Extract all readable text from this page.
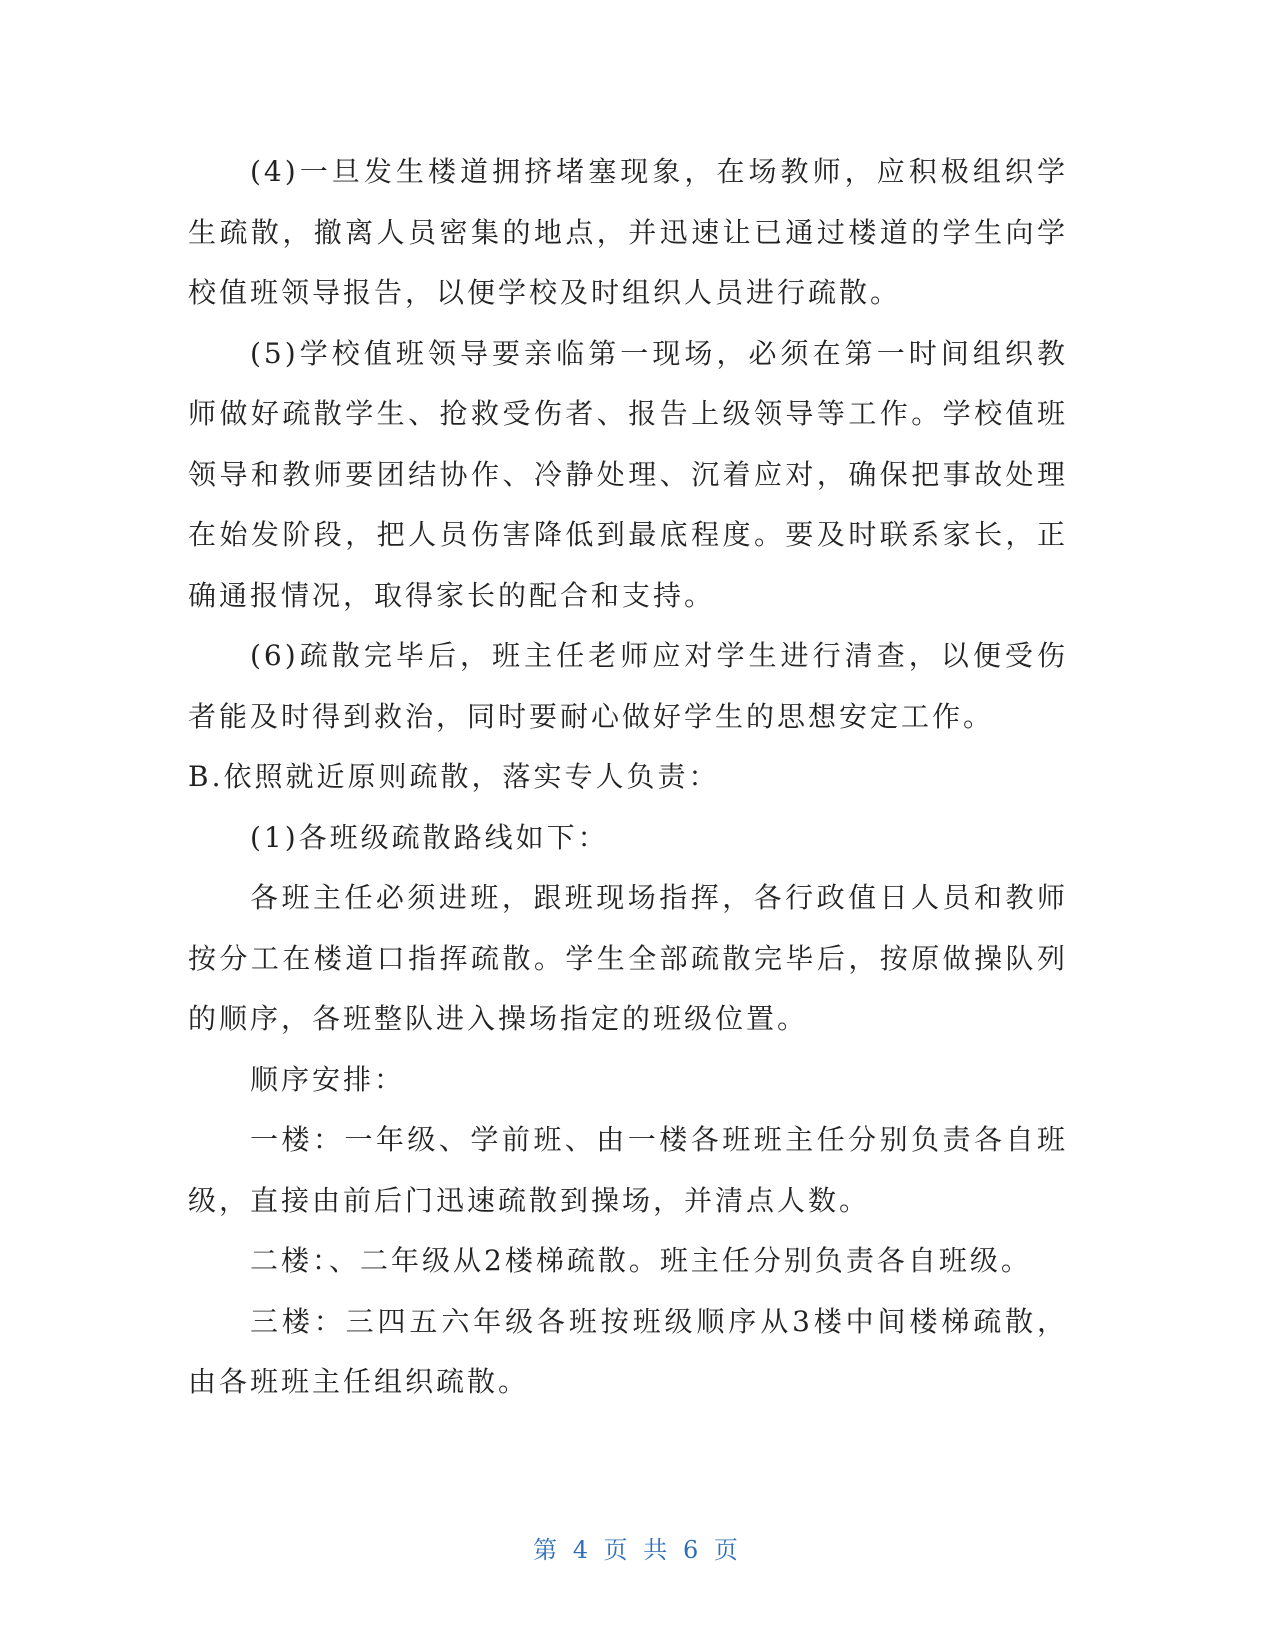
(4)一旦发生楼道拥挤堵塞现象，在场教师，应积极组织学生疏散，撤离人员密集的地点，并迅速让已通过楼道的学生向学校值班领导报告，以便学校及时组织人员进行疏散。

(5)学校值班领导要亲临第一现场，必须在第一时间组织教师做好疏散学生、抢救受伤者、报告上级领导等工作。学校值班领导和教师要团结协作、冷静处理、沉着应对，确保把事故处理在始发阶段，把人员伤害降低到最底程度。要及时联系家长，正确通报情况，取得家长的配合和支持。

(6)疏散完毕后，班主任老师应对学生进行清查，以便受伤者能及时得到救治，同时要耐心做好学生的思想安定工作。

B.依照就近原则疏散，落实专人负责：

(1)各班级疏散路线如下：

各班主任必须进班，跟班现场指挥，各行政值日人员和教师按分工在楼道口指挥疏散。学生全部疏散完毕后，按原做操队列的顺序，各班整队进入操场指定的班级位置。

顺序安排：

一楼：一年级、学前班、由一楼各班班主任分别负责各自班级，直接由前后门迅速疏散到操场，并清点人数。

二楼：、二年级从2楼梯疏散。班主任分别负责各自班级。

三楼：三四五六年级各班按班级顺序从3楼中间楼梯疏散，由各班班主任组织疏散。

第 4 页 共 6 页
